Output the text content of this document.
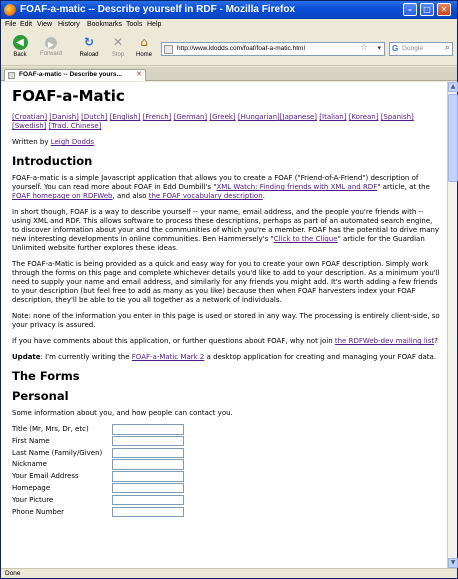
FOAF-a-matic -- Describe yourself in RDF - Mozilla Firefox	–	□	✕
File Edit View History Bookmarks Tools Help
◀
Back
▶
Forward
↻
Reload
✕
Stop
⌂
Home
http://www.ldodds.com/foaf/foaf-a-matic.html	☆ ▾ G Google ⌕
FOAF-a-matic -- Describe yours... ✕
FOAF-a-Matic

[Croatian] [Danish] [Dutch] [English] [French] [German] [Greek] [Hungarian][Japanese] [Italian] [Korean] [Spanish] [Swedish] [Trad. Chinese]

Written by Leigh Dodds

Introduction

FOAF-a-matic is a simple Javascript application that allows you to create a FOAF ("Friend-of-A-Friend") description of yourself. You can read more about FOAF in Edd Dumbill's "XML Watch: Finding friends with XML and RDF" article, at the FOAF homepage on RDFWeb, and also the FOAF vocabulary description.

In short though, FOAF is a way to describe yourself -- your name, email address, and the people you're friends with -- using XML and RDF. This allows software to process these descriptions, perhaps as part of an automated search engine, to discover information about your and the communities of which you're a member. FOAF has the potential to drive many new interesting developments in online communities. Ben Hammersely's "Click to the Clique" article for the Guardian Unlimited website further explores these ideas.

The FOAF-a-Matic is being provided as a quick and easy way for you to create your own FOAF description. Simply work through the forms on this page and complete whichever details you'd like to add to your description. As a minimum you'll need to supply your name and email address, and similarly for any friends you might add. It's worth adding a few friends to your description (but feel free to add as many as you like) because then when FOAF harvesters index your FOAF description, they'll be able to tie you all together as a network of individuals.

Note: none of the information you enter in this page is used or stored in any way. The processing is entirely client-side, so your privacy is assured.

If you have comments about this application, or further questions about FOAF, why not join the RDFWeb-dev mailing list?

Update: I'm currently writing the FOAF-a-Matic Mark 2 a desktop application for creating and managing your FOAF data.

The Forms
Personal

Some information about you, and how people can contact you.

Title (Mr, Mrs, Dr, etc)
First Name
Last Name (Family/Given)
Nickname
Your Email Address
Homepage
Your Picture
Phone Number
▲
▼
Done
